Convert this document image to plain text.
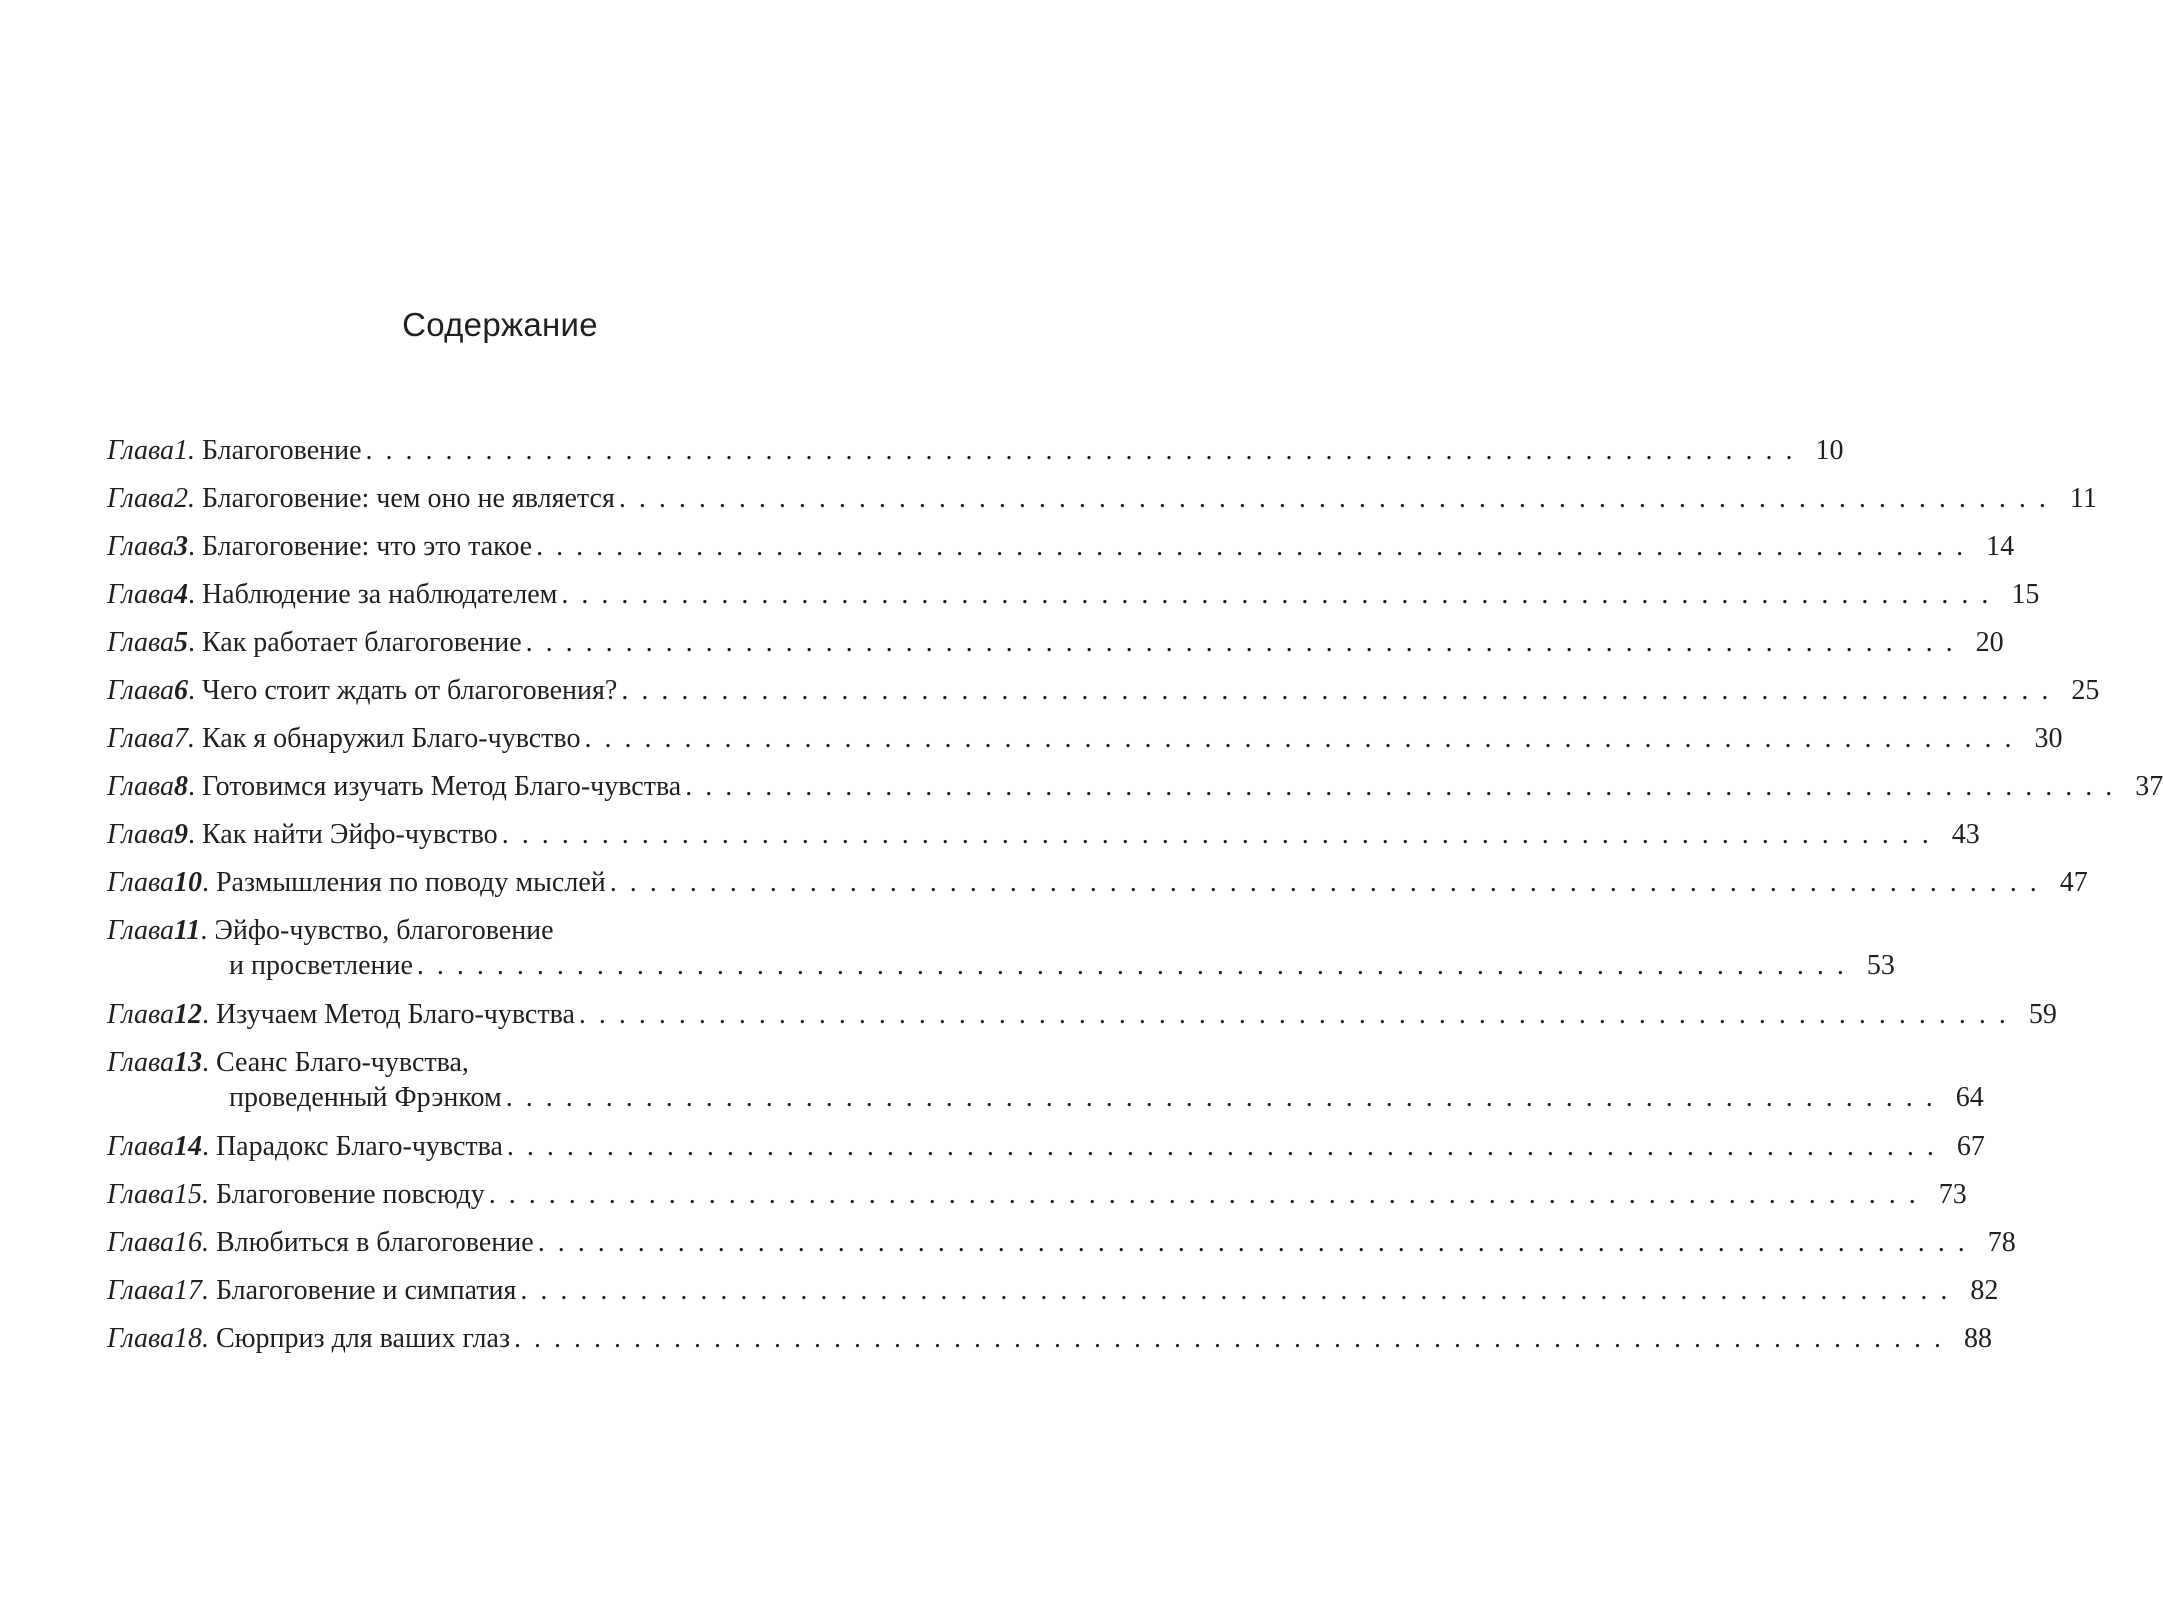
Содержание
Глава 1.
Благоговение . . . . . . . . . . . . . . . . . . . . . . . . . . . . . . . . . . . . . . . . . . . . . . . . . . . . . . . . . . . . . . . . . . . . . . . . 10
Глава 2.
Благоговение: чем оно не является . . . . . . . . . . . . . . . . . . . . . . . . . . . . . . . . . . . . . . . . . . . . . . . . . . . . . . . . . . . . . . . . . . . . . . . . 11
Глава 3 . Благоговение: что это такое . . . . . . . . . . . . . . . . . . . . . . . . . . . . . . . . . . . . . . . . . . . . . . . . . . . . . . . . . . . . . . . . . . . . . . . . 14
Глава 4 . Наблюдение за наблюдателем . . . . . . . . . . . . . . . . . . . . . . . . . . . . . . . . . . . . . . . . . . . . . . . . . . . . . . . . . . . . . . . . . . . . . . . . 15
Глава 5 . Как работает благоговение . . . . . . . . . . . . . . . . . . . . . . . . . . . . . . . . . . . . . . . . . . . . . . . . . . . . . . . . . . . . . . . . . . . . . . . . 20
Глава 6 . Чего стоит ждать от благоговения? . . . . . . . . . . . . . . . . . . . . . . . . . . . . . . . . . . . . . . . . . . . . . . . . . . . . . . . . . . . . . . . . . . . . . . . . 25
Глава 7.
Как я обнаружил Благо-чувство . . . . . . . . . . . . . . . . . . . . . . . . . . . . . . . . . . . . . . . . . . . . . . . . . . . . . . . . . . . . . . . . . . . . . . . . 30
Глава 8 . Готовимся изучать Метод Благо-чувства . . . . . . . . . . . . . . . . . . . . . . . . . . . . . . . . . . . . . . . . . . . . . . . . . . . . . . . . . . . . . . . . . . . . . . . . 37
Глава 9 . Как найти Эйфо-чувство . . . . . . . . . . . . . . . . . . . . . . . . . . . . . . . . . . . . . . . . . . . . . . . . . . . . . . . . . . . . . . . . . . . . . . . . 43
Глава 10 . Размышления по поводу мыслей . . . . . . . . . . . . . . . . . . . . . . . . . . . . . . . . . . . . . . . . . . . . . . . . . . . . . . . . . . . . . . . . . . . . . . . . 47
Глава 11 . Эйфо-чувство, благоговение
и просветление . . . . . . . . . . . . . . . . . . . . . . . . . . . . . . . . . . . . . . . . . . . . . . . . . . . . . . . . . . . . . . . . . . . . . . . . 53
Глава 12 . Изучаем Метод Благо-чувства . . . . . . . . . . . . . . . . . . . . . . . . . . . . . . . . . . . . . . . . . . . . . . . . . . . . . . . . . . . . . . . . . . . . . . . . 59
Глава 13 . Сеанс Благо-чувства,
проведенный Фрэнком . . . . . . . . . . . . . . . . . . . . . . . . . . . . . . . . . . . . . . . . . . . . . . . . . . . . . . . . . . . . . . . . . . . . . . . . 64
Глава 14 . Парадокс Благо-чувства . . . . . . . . . . . . . . . . . . . . . . . . . . . . . . . . . . . . . . . . . . . . . . . . . . . . . . . . . . . . . . . . . . . . . . . . 67
Глава 15.
Благоговение повсюду . . . . . . . . . . . . . . . . . . . . . . . . . . . . . . . . . . . . . . . . . . . . . . . . . . . . . . . . . . . . . . . . . . . . . . . . 73
Глава 16.
Влюбиться в благоговение . . . . . . . . . . . . . . . . . . . . . . . . . . . . . . . . . . . . . . . . . . . . . . . . . . . . . . . . . . . . . . . . . . . . . . . . 78
Глава 17.
Благоговение и симпатия . . . . . . . . . . . . . . . . . . . . . . . . . . . . . . . . . . . . . . . . . . . . . . . . . . . . . . . . . . . . . . . . . . . . . . . . 82
Глава 18.
Сюрприз для ваших глаз . . . . . . . . . . . . . . . . . . . . . . . . . . . . . . . . . . . . . . . . . . . . . . . . . . . . . . . . . . . . . . . . . . . . . . . . 88
